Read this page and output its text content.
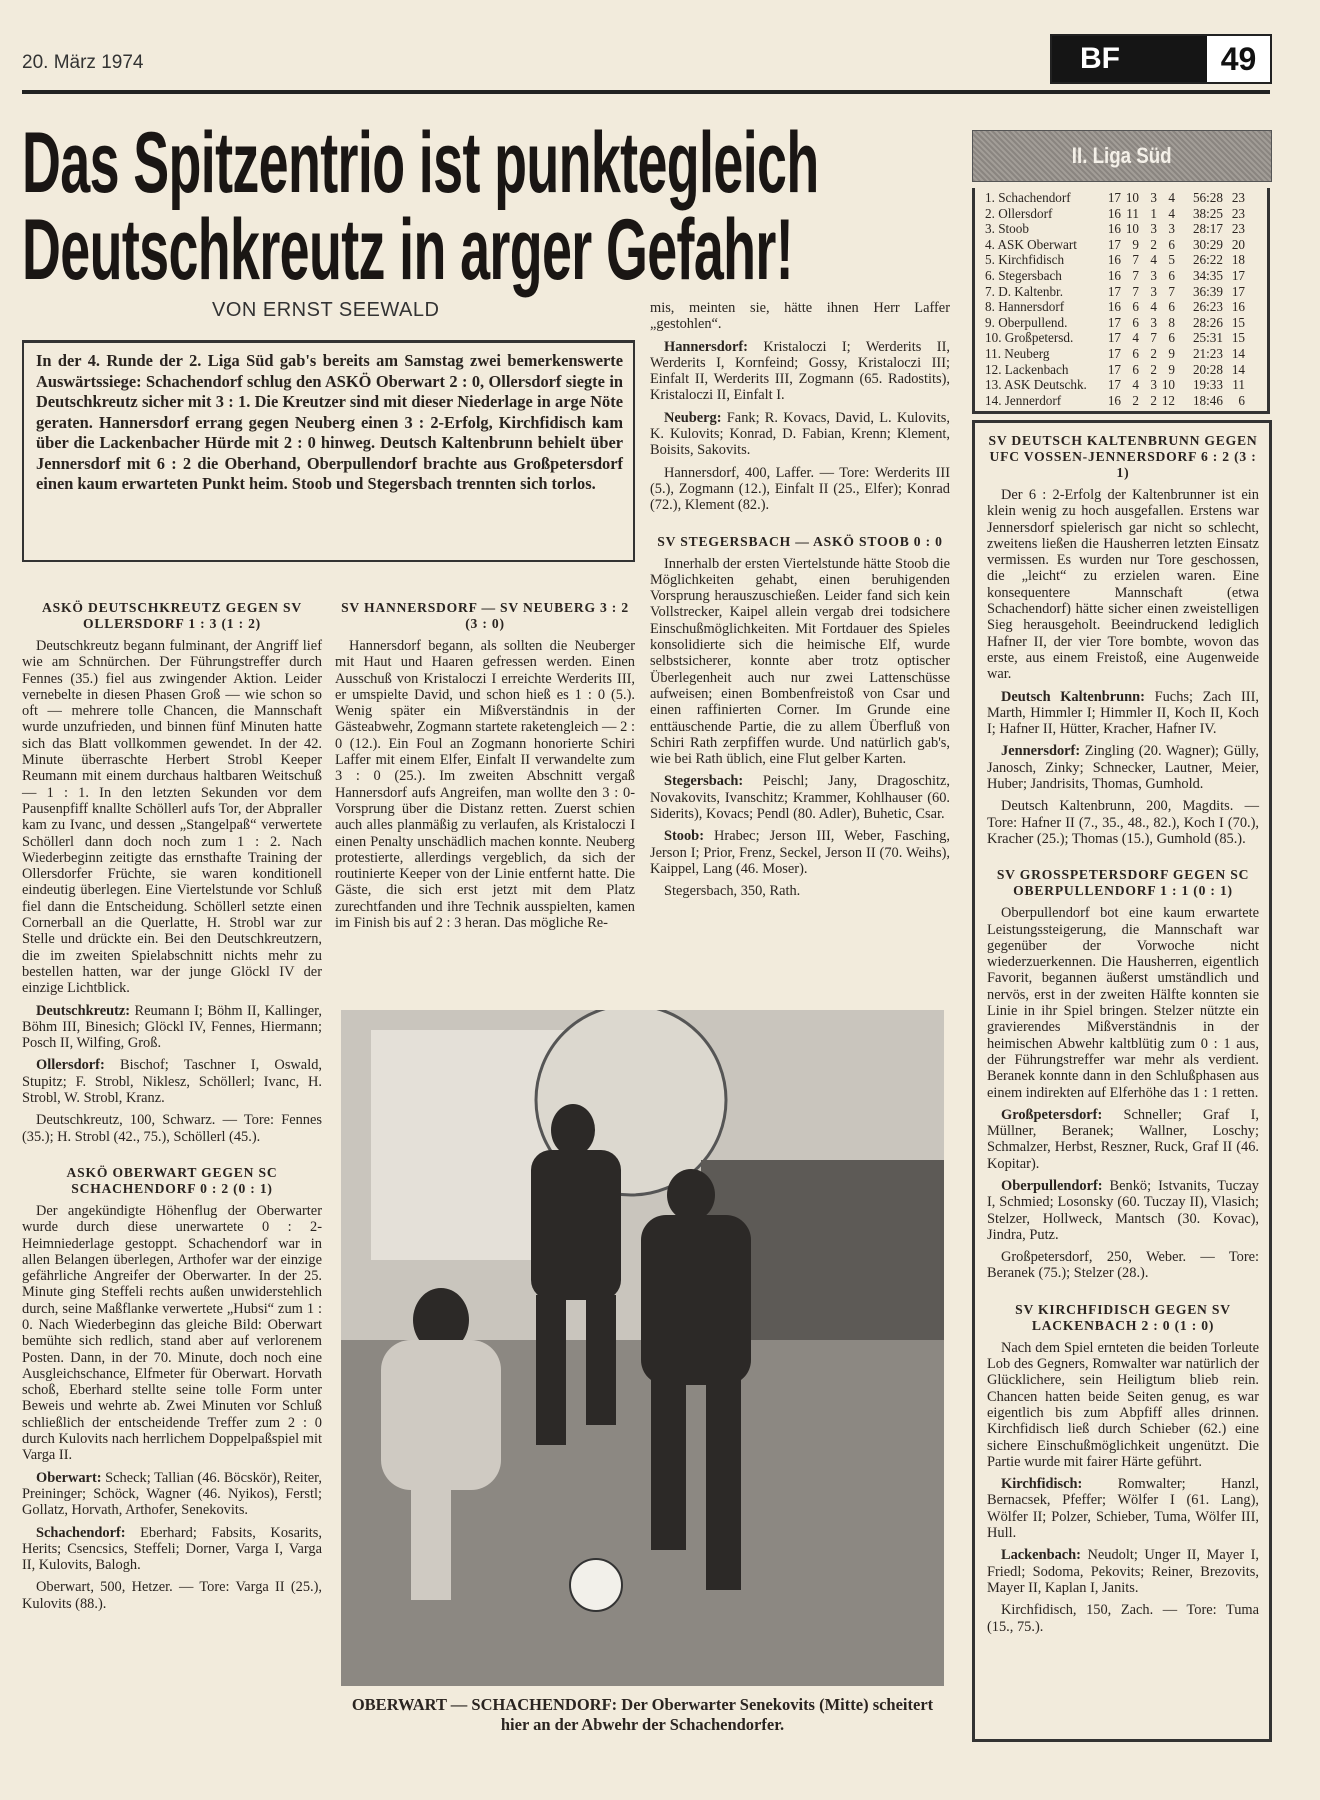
20. März 1974	BF	49
Das Spitzentrio ist punktegleich
Deutschkreutz in arger Gefahr!
VON ERNST SEEWALD
In der 4. Runde der 2. Liga Süd gab's bereits am Samstag zwei bemerkenswerte Auswärtssiege: Schachendorf schlug den ASKÖ Oberwart 2 : 0, Ollersdorf siegte in Deutschkreutz sicher mit 3 : 1. Die Kreutzer sind mit dieser Niederlage in arge Nöte geraten. Hannersdorf errang gegen Neuberg einen 3 : 2-Erfolg, Kirchfidisch kam über die Lackenbacher Hürde mit 2 : 0 hinweg. Deutsch Kaltenbrunn behielt über Jennersdorf mit 6 : 2 die Oberhand, Oberpullendorf brachte aus Großpetersdorf einen kaum erwarteten Punkt heim. Stoob und Stegersbach trennten sich torlos.
II. Liga Süd
1. Schachendorf	17 10 3 4	56:28 23
2. Ollersdorf	16 11 1 4	38:25 23
3. Stoob	16 10 3 3	28:17 23
4. ASK Oberwart	17 9 2 6	30:29 20
5. Kirchfidisch	16 7 4 5	26:22 18
6. Stegersbach	16 7 3 6	34:35 17
7. D. Kaltenbr.	17 7 3 7	36:39 17
8. Hannersdorf	16 6 4 6	26:23 16
9. Oberpullend.	17 6 3 8	28:26 15
10. Großpetersd.	17 4 7 6	25:31 15
11. Neuberg	17 6 2 9	21:23 14
12. Lackenbach	17 6 2 9	20:28 14
13. ASK Deutschk.	17 4 3 10	19:33 11
14. Jennerdorf	16 2 2 12	18:46	6
ASKÖ DEUTSCHKREUTZ GEGEN SV OLLERSDORF 1 : 3 (1 : 2)

Deutschkreutz begann fulminant, der Angriff lief wie am Schnürchen. Der Führungstreffer durch Fennes (35.) fiel aus zwingender Aktion. Leider vernebelte in diesen Phasen Groß — wie schon so oft — mehrere tolle Chancen, die Mannschaft wurde unzufrieden, und binnen fünf Minuten hatte sich das Blatt vollkommen gewendet. In der 42. Minute überraschte Herbert Strobl Keeper Reumann mit einem durchaus haltbaren Weitschuß — 1 : 1. In den letzten Sekunden vor dem Pausenpfiff knallte Schöllerl aufs Tor, der Abpraller kam zu Ivanc, und dessen „Stangelpaß“ verwertete Schöllerl dann doch noch zum 1 : 2. Nach Wiederbeginn zeitigte das ernsthafte Training der Ollersdorfer Früchte, sie waren konditionell eindeutig überlegen. Eine Viertelstunde vor Schluß fiel dann die Entscheidung. Schöllerl setzte einen Cornerball an die Querlatte, H. Strobl war zur Stelle und drückte ein. Bei den Deutschkreutzern, die im zweiten Spielabschnitt nichts mehr zu bestellen hatten, war der junge Glöckl IV der einzige Lichtblick.

Deutschkreutz: Reumann I; Böhm II, Kallinger, Böhm III, Binesich; Glöckl IV, Fennes, Hiermann; Posch II, Wilfing, Groß.

Ollersdorf: Bischof; Taschner I, Oswald, Stupitz; F. Strobl, Niklesz, Schöllerl; Ivanc, H. Strobl, W. Strobl, Kranz.

Deutschkreutz, 100, Schwarz. — Tore: Fennes (35.); H. Strobl (42., 75.), Schöllerl (45.).

ASKÖ OBERWART GEGEN SC SCHACHENDORF 0 : 2 (0 : 1)

Der angekündigte Höhenflug der Oberwarter wurde durch diese unerwartete 0 : 2-Heimniederlage gestoppt. Schachendorf war in allen Belangen überlegen, Arthofer war der einzige gefährliche Angreifer der Oberwarter. In der 25. Minute ging Steffeli rechts außen unwiderstehlich durch, seine Maßflanke verwertete „Hubsi“ zum 1 : 0. Nach Wiederbeginn das gleiche Bild: Oberwart bemühte sich redlich, stand aber auf verlorenem Posten. Dann, in der 70. Minute, doch noch eine Ausgleichschance, Elfmeter für Oberwart. Horvath schoß, Eberhard stellte seine tolle Form unter Beweis und wehrte ab. Zwei Minuten vor Schluß schließlich der entscheidende Treffer zum 2 : 0 durch Kulovits nach herrlichem Doppelpaßspiel mit Varga II.

Oberwart: Scheck; Tallian (46. Böcskör), Reiter, Preininger; Schöck, Wagner (46. Nyikos), Ferstl; Gollatz, Horvath, Arthofer, Senekovits.

Schachendorf: Eberhard; Fabsits, Kosarits, Herits; Csencsics, Steffeli; Dorner, Varga I, Varga II, Kulovits, Balogh.

Oberwart, 500, Hetzer. — Tore: Varga II (25.), Kulovits (88.).

SV HANNERSDORF — SV NEUBERG 3 : 2 (3 : 0)

Hannersdorf begann, als sollten die Neuberger mit Haut und Haaren gefressen werden. Einen Ausschuß von Kristaloczi I erreichte Werderits III, er umspielte David, und schon hieß es 1 : 0 (5.). Wenig später ein Mißverständnis in der Gästeabwehr, Zogmann startete raketengleich — 2 : 0 (12.). Ein Foul an Zogmann honorierte Schiri Laffer mit einem Elfer, Einfalt II verwandelte zum 3 : 0 (25.). Im zweiten Abschnitt vergaß Hannersdorf aufs Angreifen, man wollte den 3 : 0-Vorsprung über die Distanz retten. Zuerst schien auch alles planmäßig zu verlaufen, als Kristaloczi I einen Penalty unschädlich machen konnte. Neuberg protestierte, allerdings vergeblich, da sich der routinierte Keeper von der Linie entfernt hatte. Die Gäste, die sich erst jetzt mit dem Platz zurechtfanden und ihre Technik ausspielten, kamen im Finish bis auf 2 : 3 heran. Das mögliche Re-

mis, meinten sie, hätte ihnen Herr Laffer „gestohlen“.

Hannersdorf: Kristaloczi I; Werderits II, Werderits I, Kornfeind; Gossy, Kristaloczi III; Einfalt II, Werderits III, Zogmann (65. Radostits), Kristaloczi II, Einfalt I.

Neuberg: Fank; R. Kovacs, David, L. Kulovits, K. Kulovits; Konrad, D. Fabian, Krenn; Klement, Boisits, Sakovits.

Hannersdorf, 400, Laffer. — Tore: Werderits III (5.), Zogmann (12.), Einfalt II (25., Elfer); Konrad (72.), Klement (82.).

SV STEGERSBACH — ASKÖ STOOB 0 : 0

Innerhalb der ersten Viertelstunde hätte Stoob die Möglichkeiten gehabt, einen beruhigenden Vorsprung herauszuschießen. Leider fand sich kein Vollstrecker, Kaipel allein vergab drei todsichere Einschußmöglichkeiten. Mit Fortdauer des Spieles konsolidierte sich die heimische Elf, wurde selbstsicherer, konnte aber trotz optischer Überlegenheit auch nur zwei Lattenschüsse aufweisen; einen Bombenfreistoß von Csar und einen raffinierten Corner. Im Grunde eine enttäuschende Partie, die zu allem Überfluß von Schiri Rath zerpfiffen wurde. Und natürlich gab's, wie bei Rath üblich, eine Flut gelber Karten.

Stegersbach: Peischl; Jany, Dragoschitz, Novakovits, Ivanschitz; Krammer, Kohlhauser (60. Siderits), Kovacs; Pendl (80. Adler), Buhetic, Csar.

Stoob: Hrabec; Jerson III, Weber, Fasching, Jerson I; Prior, Frenz, Seckel, Jerson II (70. Weihs), Kaippel, Lang (46. Moser).

Stegersbach, 350, Rath.

SV DEUTSCH KALTENBRUNN GEGEN UFC VOSSEN-JENNERSDORF 6 : 2 (3 : 1)

Der 6 : 2-Erfolg der Kaltenbrunner ist ein klein wenig zu hoch ausgefallen. Erstens war Jennersdorf spielerisch gar nicht so schlecht, zweitens ließen die Hausherren letzten Einsatz vermissen. Es wurden nur Tore geschossen, die „leicht“ zu erzielen waren. Eine konsequentere Mannschaft (etwa Schachendorf) hätte sicher einen zweistelligen Sieg herausgeholt. Beeindruckend lediglich Hafner II, der vier Tore bombte, wovon das erste, aus einem Freistoß, eine Augenweide war.

Deutsch Kaltenbrunn: Fuchs; Zach III, Marth, Himmler I; Himmler II, Koch II, Koch I; Hafner II, Hütter, Kracher, Hafner IV.

Jennersdorf: Zingling (20. Wagner); Gülly, Janosch, Zinky; Schnecker, Lautner, Meier, Huber; Jandrisits, Thomas, Gumhold.

Deutsch Kaltenbrunn, 200, Magdits. — Tore: Hafner II (7., 35., 48., 82.), Koch I (70.), Kracher (25.); Thomas (15.), Gumhold (85.).

SV GROSSPETERSDORF GEGEN SC OBERPULLENDORF 1 : 1 (0 : 1)

Oberpullendorf bot eine kaum erwartete Leistungssteigerung, die Mannschaft war gegenüber der Vorwoche nicht wiederzuerkennen. Die Hausherren, eigentlich Favorit, begannen äußerst umständlich und nervös, erst in der zweiten Hälfte konnten sie Linie in ihr Spiel bringen. Stelzer nützte ein gravierendes Mißverständnis in der heimischen Abwehr kaltblütig zum 0 : 1 aus, der Führungstreffer war mehr als verdient. Beranek konnte dann in den Schlußphasen aus einem indirekten auf Elferhöhe das 1 : 1 retten.

Großpetersdorf: Schneller; Graf I, Müllner, Beranek; Wallner, Loschy; Schmalzer, Herbst, Reszner, Ruck, Graf II (46. Kopitar).

Oberpullendorf: Benkö; Istvanits, Tuczay I, Schmied; Losonsky (60. Tuczay II), Vlasich; Stelzer, Hollweck, Mantsch (30. Kovac), Jindra, Putz.

Großpetersdorf, 250, Weber. — Tore: Beranek (75.); Stelzer (28.).

SV KIRCHFIDISCH GEGEN SV LACKENBACH 2 : 0 (1 : 0)

Nach dem Spiel ernteten die beiden Torleute Lob des Gegners, Romwalter war natürlich der Glücklichere, sein Heiligtum blieb rein. Chancen hatten beide Seiten genug, es war eigentlich bis zum Abpfiff alles drinnen. Kirchfidisch ließ durch Schieber (62.) eine sichere Einschußmöglichkeit ungenützt. Die Partie wurde mit fairer Härte geführt.

Kirchfidisch: Romwalter; Hanzl, Bernacsek, Pfeffer; Wölfer I (61. Lang), Wölfer II; Polzer, Schieber, Tuma, Wölfer III, Hull.

Lackenbach: Neudolt; Unger II, Mayer I, Friedl; Sodoma, Pekovits; Reiner, Brezovits, Mayer II, Kaplan I, Janits.

Kirchfidisch, 150, Zach. — Tore: Tuma (15., 75.).

OBERWART — SCHACHENDORF: Der Oberwarter Senekovits (Mitte) scheitert hier an der Abwehr der Schachendorfer.
